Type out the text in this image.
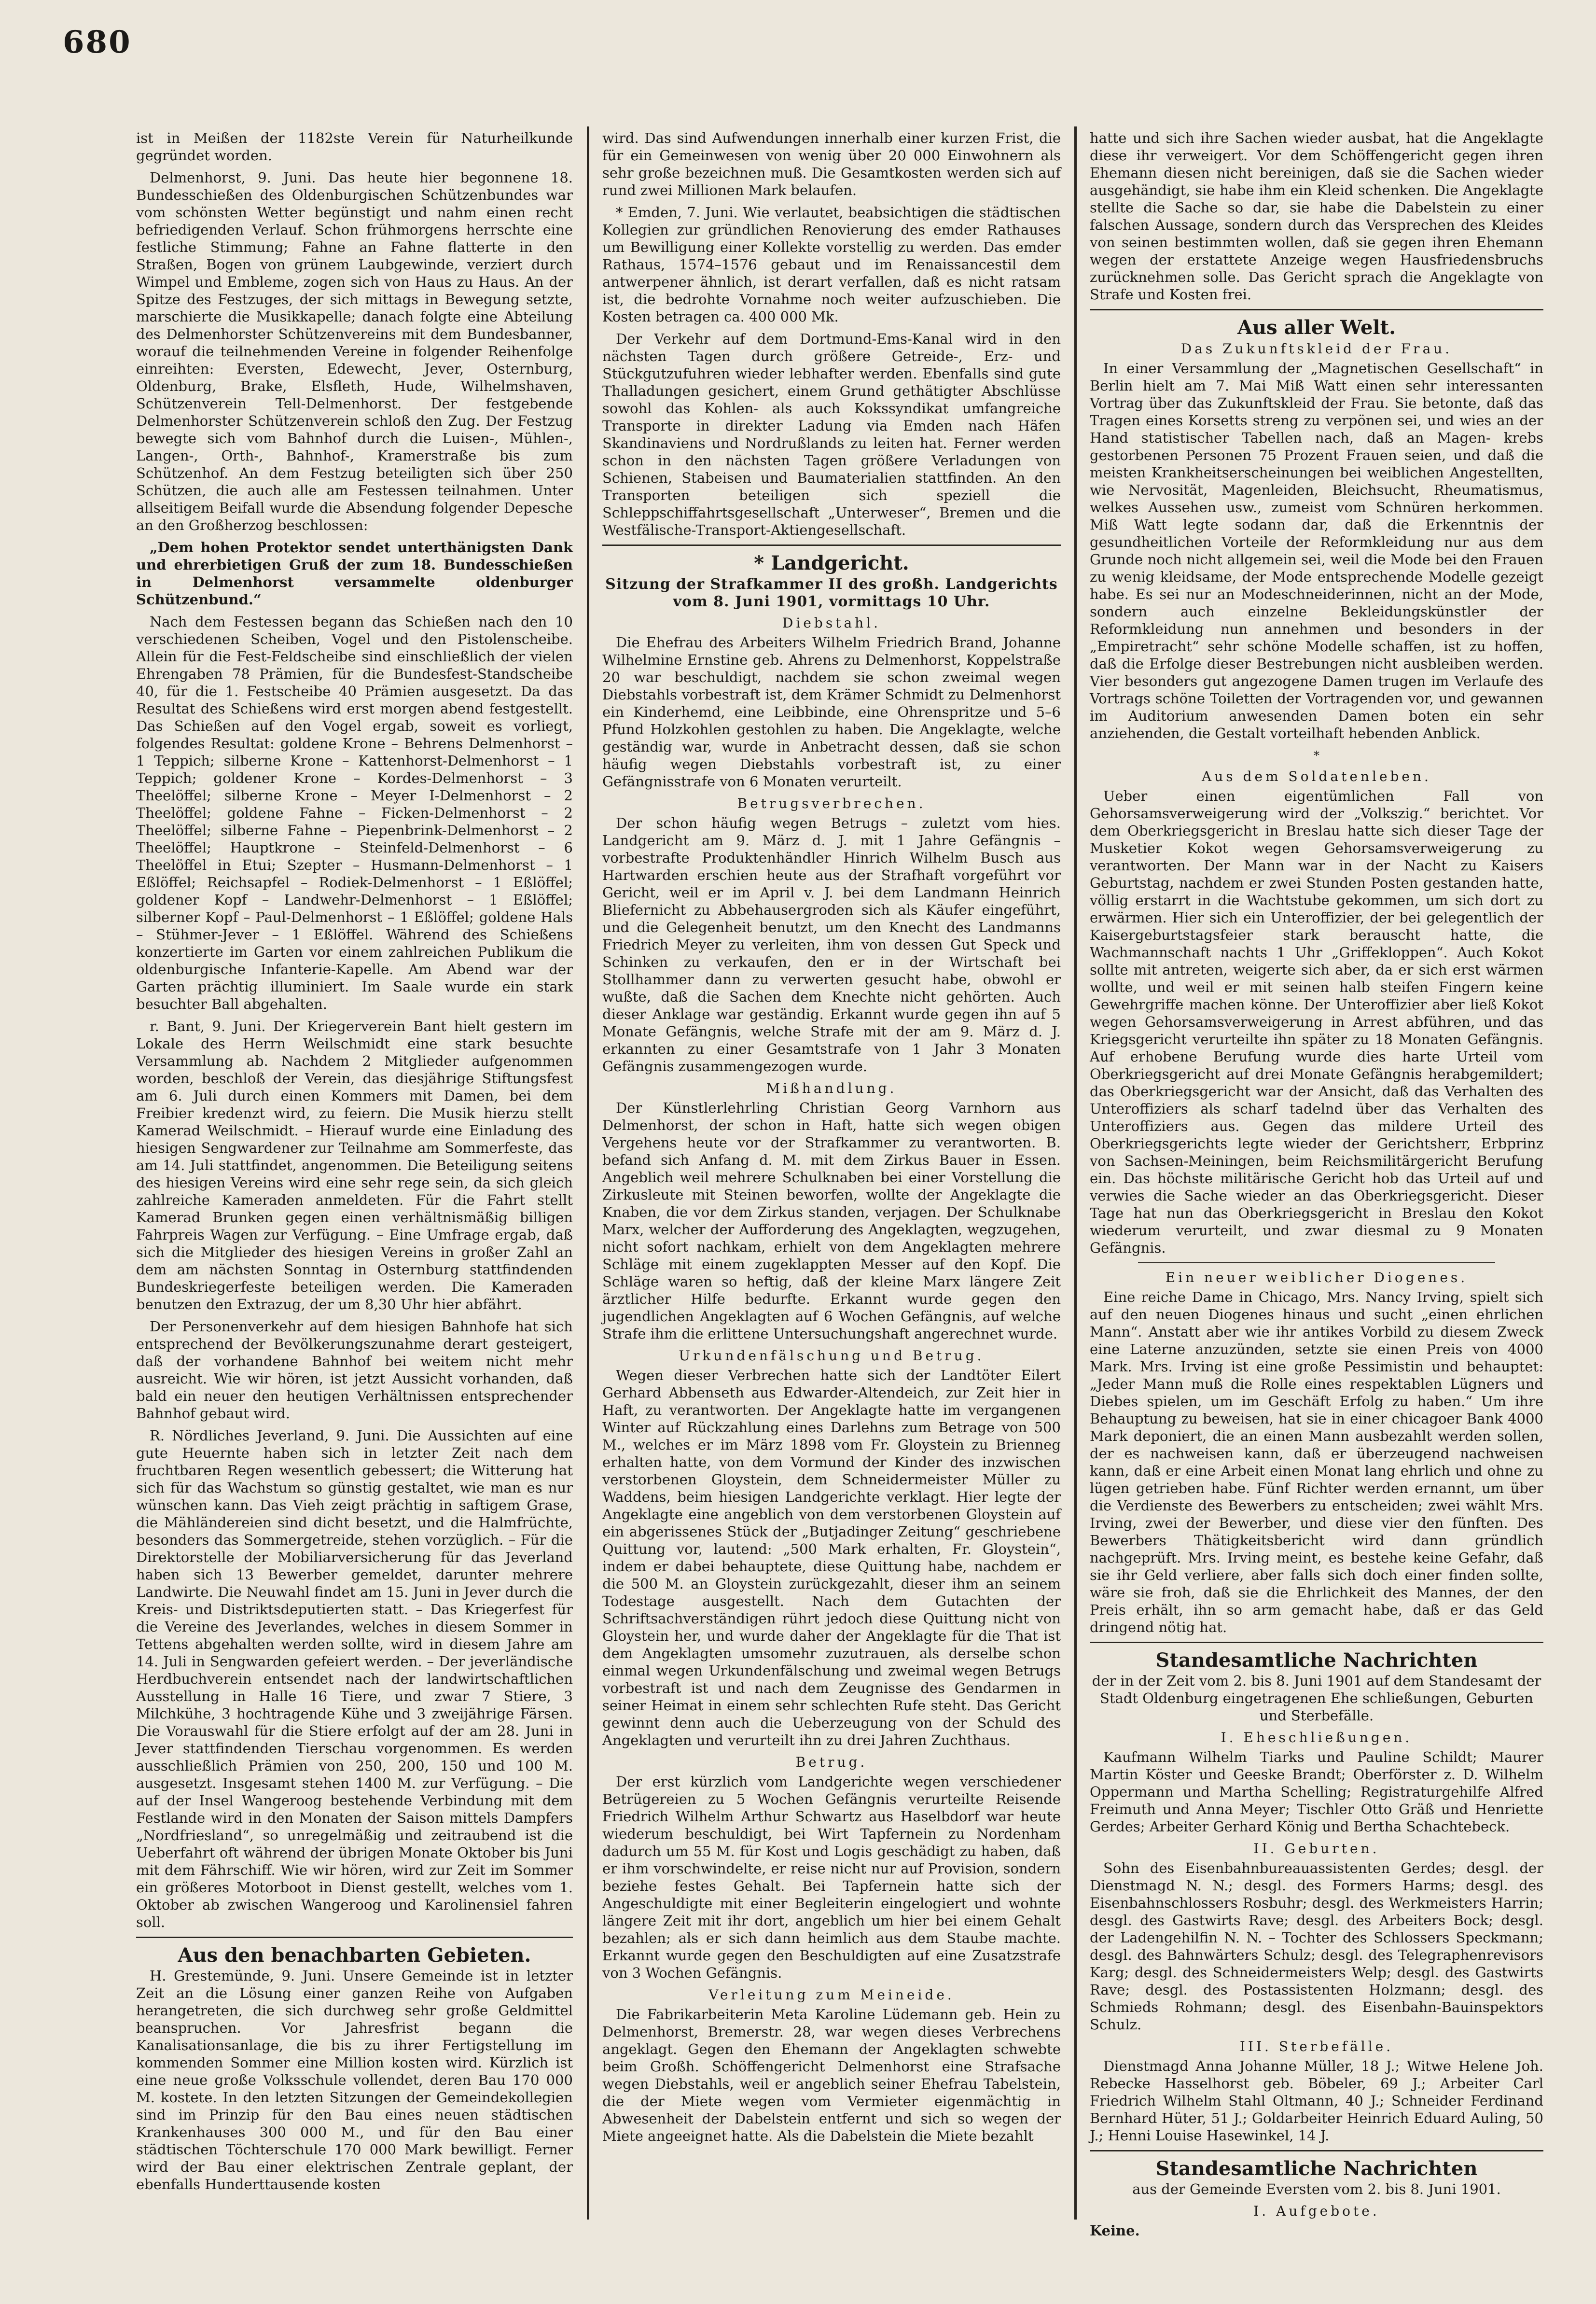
680

ist in Meißen der 1182ste Verein für Naturheilkunde gegründet worden.

Delmenhorst, 9. Juni. Das heute hier begonnene 18. Bundesschießen des Oldenburgischen Schützenbundes war vom schönsten Wetter begünstigt und nahm einen recht befriedigenden Verlauf. Schon frühmorgens herrschte eine festliche Stimmung; Fahne an Fahne flatterte in den Straßen, Bogen von grünem Laubgewinde, verziert durch Wimpel und Embleme, zogen sich von Haus zu Haus. An der Spitze des Festzuges, der sich mittags in Bewegung setzte, marschierte die Musikkapelle; danach folgte eine Abteilung des Delmenhorster Schützenvereins mit dem Bundesbanner, worauf die teilnehmenden Vereine in folgender Reihenfolge einreihten: Eversten, Edewecht, Jever, Osternburg, Oldenburg, Brake, Elsfleth, Hude, Wilhelmshaven, Schützenverein Tell-Delmenhorst. Der festgebende Delmenhorster Schützenverein schloß den Zug. Der Festzug bewegte sich vom Bahnhof durch die Luisen-, Mühlen-, Langen-, Orth-, Bahnhof-, Kramerstraße bis zum Schützenhof. An dem Festzug beteiligten sich über 250 Schützen, die auch alle am Festessen teilnahmen. Unter allseitigem Beifall wurde die Absendung folgender Depesche an den Großherzog beschlossen:

„Dem hohen Protektor sendet unterthänigsten Dank und ehrerbietigen Gruß der zum 18. Bundesschießen in Delmenhorst versammelte oldenburger Schützenbund.“

Nach dem Festessen begann das Schießen nach den 10 verschiedenen Scheiben, Vogel und den Pistolenscheibe. Allein für die Fest-Feldscheibe sind einschließlich der vielen Ehrengaben 78 Prämien, für die Bundesfest-Standscheibe 40, für die 1. Festscheibe 40 Prämien ausgesetzt. Da das Resultat des Schießens wird erst morgen abend festgestellt. Das Schießen auf den Vogel ergab, soweit es vorliegt, folgendes Resultat: goldene Krone – Behrens Delmenhorst – 1 Teppich; silberne Krone – Kattenhorst-Delmenhorst – 1 Teppich; goldener Krone – Kordes-Delmenhorst – 3 Theelöffel; silberne Krone – Meyer I-Delmenhorst – 2 Theelöffel; goldene Fahne – Ficken-Delmenhorst – 2 Theelöffel; silberne Fahne – Piepenbrink-Delmenhorst – 2 Theelöffel; Hauptkrone – Steinfeld-Delmenhorst – 6 Theelöffel in Etui; Szepter – Husmann-Delmenhorst – 1 Eßlöffel; Reichsapfel – Rodiek-Delmenhorst – 1 Eßlöffel; goldener Kopf – Landwehr-Delmenhorst – 1 Eßlöffel; silberner Kopf – Paul-Delmenhorst – 1 Eßlöffel; goldene Hals – Stühmer-Jever – 1 Eßlöffel. Während des Schießens konzertierte im Garten vor einem zahlreichen Publikum die oldenburgische Infanterie-Kapelle. Am Abend war der Garten prächtig illuminiert. Im Saale wurde ein stark besuchter Ball abgehalten.

r. Bant, 9. Juni. Der Kriegerverein Bant hielt gestern im Lokale des Herrn Weilschmidt eine stark besuchte Versammlung ab. Nachdem 2 Mitglieder aufgenommen worden, beschloß der Verein, das diesjährige Stiftungsfest am 6. Juli durch einen Kommers mit Damen, bei dem Freibier kredenzt wird, zu feiern. Die Musik hierzu stellt Kamerad Weilschmidt. – Hierauf wurde eine Einladung des hiesigen Sengwardener zur Teilnahme am Sommerfeste, das am 14. Juli stattfindet, angenommen. Die Beteiligung seitens des hiesigen Vereins wird eine sehr rege sein, da sich gleich zahlreiche Kameraden anmeldeten. Für die Fahrt stellt Kamerad Brunken gegen einen verhältnismäßig billigen Fahrpreis Wagen zur Verfügung. – Eine Umfrage ergab, daß sich die Mitglieder des hiesigen Vereins in großer Zahl an dem am nächsten Sonntag in Osternburg stattfindenden Bundeskriegerfeste beteiligen werden. Die Kameraden benutzen den Extrazug, der um 8,30 Uhr hier abfährt.

Der Personenverkehr auf dem hiesigen Bahnhofe hat sich entsprechend der Bevölkerungszunahme derart gesteigert, daß der vorhandene Bahnhof bei weitem nicht mehr ausreicht. Wie wir hören, ist jetzt Aussicht vorhanden, daß bald ein neuer den heutigen Verhältnissen entsprechender Bahnhof gebaut wird.

R. Nördliches Jeverland, 9. Juni. Die Aussichten auf eine gute Heuernte haben sich in letzter Zeit nach dem fruchtbaren Regen wesentlich gebessert; die Witterung hat sich für das Wachstum so günstig gestaltet, wie man es nur wünschen kann. Das Vieh zeigt prächtig in saftigem Grase, die Mähländereien sind dicht besetzt, und die Halmfrüchte, besonders das Sommergetreide, stehen vorzüglich. – Für die Direktorstelle der Mobiliarversicherung für das Jeverland haben sich 13 Bewerber gemeldet, darunter mehrere Landwirte. Die Neuwahl findet am 15. Juni in Jever durch die Kreis- und Distriktsdeputierten statt. – Das Kriegerfest für die Vereine des Jeverlandes, welches in diesem Sommer in Tettens abgehalten werden sollte, wird in diesem Jahre am 14. Juli in Sengwarden gefeiert werden. – Der jeverländische Herdbuchverein entsendet nach der landwirtschaftlichen Ausstellung in Halle 16 Tiere, und zwar 7 Stiere, 3 Milchkühe, 3 hochtragende Kühe und 3 zweijährige Färsen. Die Vorauswahl für die Stiere erfolgt auf der am 28. Juni in Jever stattfindenden Tierschau vorgenommen. Es werden ausschließlich Prämien von 250, 200, 150 und 100 M. ausgesetzt. Insgesamt stehen 1400 M. zur Verfügung. – Die auf der Insel Wangeroog bestehende Verbindung mit dem Festlande wird in den Monaten der Saison mittels Dampfers „Nordfriesland“, so unregelmäßig und zeitraubend ist die Ueberfahrt oft während der übrigen Monate Oktober bis Juni mit dem Fährschiff. Wie wir hören, wird zur Zeit im Sommer ein größeres Motorboot in Dienst gestellt, welches vom 1. Oktober ab zwischen Wangeroog und Karolinensiel fahren soll.

Aus den benachbarten Gebieten.

H. Grestemünde, 9. Juni. Unsere Gemeinde ist in letzter Zeit an die Lösung einer ganzen Reihe von Aufgaben herangetreten, die sich durchweg sehr große Geldmittel beanspruchen. Vor Jahresfrist begann die Kanalisationsanlage, die bis zu ihrer Fertigstellung im kommenden Sommer eine Million kosten wird. Kürzlich ist eine neue große Volksschule vollendet, deren Bau 170 000 M. kostete. In den letzten Sitzungen der Gemeindekollegien sind im Prinzip für den Bau eines neuen städtischen Krankenhauses 300 000 M., und für den Bau einer städtischen Töchterschule 170 000 Mark bewilligt. Ferner wird der Bau einer elektrischen Zentrale geplant, der ebenfalls Hunderttausende kosten

wird. Das sind Aufwendungen innerhalb einer kurzen Frist, die für ein Gemeinwesen von wenig über 20 000 Einwohnern als sehr große bezeichnen muß. Die Gesamtkosten werden sich auf rund zwei Millionen Mark belaufen.

* Emden, 7. Juni. Wie verlautet, beabsichtigen die städtischen Kollegien zur gründlichen Renovierung des emder Rathauses um Bewilligung einer Kollekte vorstellig zu werden. Das emder Rathaus, 1574–1576 gebaut und im Renaissancestil dem antwerpener ähnlich, ist derart verfallen, daß es nicht ratsam ist, die bedrohte Vornahme noch weiter aufzuschieben. Die Kosten betragen ca. 400 000 Mk.

Der Verkehr auf dem Dortmund-Ems-Kanal wird in den nächsten Tagen durch größere Getreide-, Erz- und Stückgutzufuhren wieder lebhafter werden. Ebenfalls sind gute Thalladungen gesichert, einem Grund gethätigter Abschlüsse sowohl das Kohlen- als auch Kokssyndikat umfangreiche Transporte in direkter Ladung via Emden nach Häfen Skandinaviens und Nordrußlands zu leiten hat. Ferner werden schon in den nächsten Tagen größere Verladungen von Schienen, Stabeisen und Baumaterialien stattfinden. An den Transporten beteiligen sich speziell die Schleppschiffahrtsgesellschaft „Unterweser“, Bremen und die Westfälische-Transport-Aktiengesellschaft.

* Landgericht.
Sitzung der Strafkammer II des großh. Landgerichts vom 8. Juni 1901, vormittags 10 Uhr.
Diebstahl.

Die Ehefrau des Arbeiters Wilhelm Friedrich Brand, Johanne Wilhelmine Ernstine geb. Ahrens zu Delmenhorst, Koppelstraße 20 war beschuldigt, nachdem sie schon zweimal wegen Diebstahls vorbestraft ist, dem Krämer Schmidt zu Delmenhorst ein Kinderhemd, eine Leibbinde, eine Ohrenspritze und 5–6 Pfund Holzkohlen gestohlen zu haben. Die Angeklagte, welche geständig war, wurde in Anbetracht dessen, daß sie schon häufig wegen Diebstahls vorbestraft ist, zu einer Gefängnisstrafe von 6 Monaten verurteilt.

Betrugsverbrechen.

Der schon häufig wegen Betrugs – zuletzt vom hies. Landgericht am 9. März d. J. mit 1 Jahre Gefängnis – vorbestrafte Produktenhändler Hinrich Wilhelm Busch aus Hartwarden erschien heute aus der Strafhaft vorgeführt vor Gericht, weil er im April v. J. bei dem Landmann Heinrich Bliefernicht zu Abbehausergroden sich als Käufer eingeführt, und die Gelegenheit benutzt, um den Knecht des Landmanns Friedrich Meyer zu verleiten, ihm von dessen Gut Speck und Schinken zu verkaufen, den er in der Wirtschaft bei Stollhammer dann zu verwerten gesucht habe, obwohl er wußte, daß die Sachen dem Knechte nicht gehörten. Auch dieser Anklage war geständig. Erkannt wurde gegen ihn auf 5 Monate Gefängnis, welche Strafe mit der am 9. März d. J. erkannten zu einer Gesamtstrafe von 1 Jahr 3 Monaten Gefängnis zusammengezogen wurde.

Mißhandlung.

Der Künstlerlehrling Christian Georg Varnhorn aus Delmenhorst, der schon in Haft, hatte sich wegen obigen Vergehens heute vor der Strafkammer zu verantworten. B. befand sich Anfang d. M. mit dem Zirkus Bauer in Essen. Angeblich weil mehrere Schulknaben bei einer Vorstellung die Zirkusleute mit Steinen beworfen, wollte der Angeklagte die Knaben, die vor dem Zirkus standen, verjagen. Der Schulknabe Marx, welcher der Aufforderung des Angeklagten, wegzugehen, nicht sofort nachkam, erhielt von dem Angeklagten mehrere Schläge mit einem zugeklappten Messer auf den Kopf. Die Schläge waren so heftig, daß der kleine Marx längere Zeit ärztlicher Hilfe bedurfte. Erkannt wurde gegen den jugendlichen Angeklagten auf 6 Wochen Gefängnis, auf welche Strafe ihm die erlittene Untersuchungshaft angerechnet wurde.

Urkundenfälschung und Betrug.

Wegen dieser Verbrechen hatte sich der Landtöter Eilert Gerhard Abbenseth aus Edwarder-Altendeich, zur Zeit hier in Haft, zu verantworten. Der Angeklagte hatte im vergangenen Winter auf Rückzahlung eines Darlehns zum Betrage von 500 M., welches er im März 1898 vom Fr. Gloystein zu Brienneg erhalten hatte, von dem Vormund der Kinder des inzwischen verstorbenen Gloystein, dem Schneidermeister Müller zu Waddens, beim hiesigen Landgerichte verklagt. Hier legte der Angeklagte eine angeblich von dem verstorbenen Gloystein auf ein abgerissenes Stück der „Butjadinger Zeitung“ geschriebene Quittung vor, lautend: „500 Mark erhalten, Fr. Gloystein“, indem er dabei behauptete, diese Quittung habe, nachdem er die 500 M. an Gloystein zurückgezahlt, dieser ihm an seinem Todestage ausgestellt. Nach dem Gutachten der Schriftsachverständigen rührt jedoch diese Quittung nicht von Gloystein her, und wurde daher der Angeklagte für die That ist dem Angeklagten umsomehr zuzutrauen, als derselbe schon einmal wegen Urkundenfälschung und zweimal wegen Betrugs vorbestraft ist und nach dem Zeugnisse des Gendarmen in seiner Heimat in einem sehr schlechten Rufe steht. Das Gericht gewinnt denn auch die Ueberzeugung von der Schuld des Angeklagten und verurteilt ihn zu drei Jahren Zuchthaus.

Betrug.

Der erst kürzlich vom Landgerichte wegen verschiedener Betrügereien zu 5 Wochen Gefängnis verurteilte Reisende Friedrich Wilhelm Arthur Schwartz aus Haselbdorf war heute wiederum beschuldigt, bei Wirt Tapfernein zu Nordenham dadurch um 55 M. für Kost und Logis geschädigt zu haben, daß er ihm vorschwindelte, er reise nicht nur auf Provision, sondern beziehe festes Gehalt. Bei Tapfernein hatte sich der Angeschuldigte mit einer Begleiterin eingelogiert und wohnte längere Zeit mit ihr dort, angeblich um hier bei einem Gehalt bezahlen; als er sich dann heimlich aus dem Staube machte. Erkannt wurde gegen den Beschuldigten auf eine Zusatzstrafe von 3 Wochen Gefängnis.

Verleitung zum Meineide.

Die Fabrikarbeiterin Meta Karoline Lüdemann geb. Hein zu Delmenhorst, Bremerstr. 28, war wegen dieses Verbrechens angeklagt. Gegen den Ehemann der Angeklagten schwebte beim Großh. Schöffengericht Delmenhorst eine Strafsache wegen Diebstahls, weil er angeblich seiner Ehefrau Tabelstein, die der Miete wegen vom Vermieter eigenmächtig in Abwesenheit der Dabelstein entfernt und sich so wegen der Miete angeeignet hatte. Als die Dabelstein die Miete bezahlt

hatte und sich ihre Sachen wieder ausbat, hat die Angeklagte diese ihr verweigert. Vor dem Schöffengericht gegen ihren Ehemann diesen nicht bereinigen, daß sie die Sachen wieder ausgehändigt, sie habe ihm ein Kleid schenken. Die Angeklagte stellte die Sache so dar, sie habe die Dabelstein zu einer falschen Aussage, sondern durch das Versprechen des Kleides von seinen bestimmten wollen, daß sie gegen ihren Ehemann wegen der erstattete Anzeige wegen Hausfriedensbruchs zurücknehmen solle. Das Gericht sprach die Angeklagte von Strafe und Kosten frei.

Aus aller Welt.
Das Zukunftskleid der Frau.

In einer Versammlung der „Magnetischen Gesellschaft“ in Berlin hielt am 7. Mai Miß Watt einen sehr interessanten Vortrag über das Zukunftskleid der Frau. Sie betonte, daß das Tragen eines Korsetts streng zu verpönen sei, und wies an der Hand statistischer Tabellen nach, daß an Magen- krebs gestorbenen Personen 75 Prozent Frauen seien, und daß die meisten Krankheitserscheinungen bei weiblichen Angestellten, wie Nervosität, Magenleiden, Bleichsucht, Rheumatismus, welkes Aussehen usw., zumeist vom Schnüren herkommen. Miß Watt legte sodann dar, daß die Erkenntnis der gesundheitlichen Vorteile der Reformkleidung nur aus dem Grunde noch nicht allgemein sei, weil die Mode bei den Frauen zu wenig kleidsame, der Mode entsprechende Modelle gezeigt habe. Es sei nur an Modeschneiderinnen, nicht an der Mode, sondern auch einzelne Bekleidungskünstler der Reformkleidung nun annehmen und besonders in der „Empiretracht“ sehr schöne Modelle schaffen, ist zu hoffen, daß die Erfolge dieser Bestrebungen nicht ausbleiben werden. Vier besonders gut angezogene Damen trugen im Verlaufe des Vortrags schöne Toiletten der Vortragenden vor, und gewannen im Auditorium anwesenden Damen boten ein sehr anziehenden, die Gestalt vorteilhaft hebenden Anblick.

*
Aus dem Soldatenleben.

Ueber einen eigentümlichen Fall von Gehorsamsverweigerung wird der „Volkszig.“ berichtet. Vor dem Oberkriegsgericht in Breslau hatte sich dieser Tage der Musketier Kokot wegen Gehorsamsverweigerung zu verantworten. Der Mann war in der Nacht zu Kaisers Geburtstag, nachdem er zwei Stunden Posten gestanden hatte, völlig erstarrt in die Wachtstube gekommen, um sich dort zu erwärmen. Hier sich ein Unteroffizier, der bei gelegentlich der Kaisergeburtstagsfeier stark berauscht hatte, die Wachmannschaft nachts 1 Uhr „Griffekloppen“. Auch Kokot sollte mit antreten, weigerte sich aber, da er sich erst wärmen wollte, und weil er mit seinen halb steifen Fingern keine Gewehrgriffe machen könne. Der Unteroffizier aber ließ Kokot wegen Gehorsamsverweigerung in Arrest abführen, und das Kriegsgericht verurteilte ihn später zu 18 Monaten Gefängnis. Auf erhobene Berufung wurde dies harte Urteil vom Oberkriegsgericht auf drei Monate Gefängnis herabgemildert; das Oberkriegsgericht war der Ansicht, daß das Verhalten des Unteroffiziers als scharf tadelnd über das Verhalten des Unteroffiziers aus. Gegen das mildere Urteil des Oberkriegsgerichts legte wieder der Gerichtsherr, Erbprinz von Sachsen-Meiningen, beim Reichsmilitärgericht Berufung ein. Das höchste militärische Gericht hob das Urteil auf und verwies die Sache wieder an das Oberkriegsgericht. Dieser Tage hat nun das Oberkriegsgericht in Breslau den Kokot wiederum verurteilt, und zwar diesmal zu 9 Monaten Gefängnis.

Ein neuer weiblicher Diogenes.

Eine reiche Dame in Chicago, Mrs. Nancy Irving, spielt sich auf den neuen Diogenes hinaus und sucht „einen ehrlichen Mann“. Anstatt aber wie ihr antikes Vorbild zu diesem Zweck eine Laterne anzuzünden, setzte sie einen Preis von 4000 Mark. Mrs. Irving ist eine große Pessimistin und behauptet: „Jeder Mann muß die Rolle eines respektablen Lügners und Diebes spielen, um im Geschäft Erfolg zu haben.“ Um ihre Behauptung zu beweisen, hat sie in einer chicagoer Bank 4000 Mark deponiert, die an einen Mann ausbezahlt werden sollen, der es nachweisen kann, daß er überzeugend nachweisen kann, daß er eine Arbeit einen Monat lang ehrlich und ohne zu lügen getrieben habe. Fünf Richter werden ernannt, um über die Verdienste des Bewerbers zu entscheiden; zwei wählt Mrs. Irving, zwei der Bewerber, und diese vier den fünften. Des Bewerbers Thätigkeitsbericht wird dann gründlich nachgeprüft. Mrs. Irving meint, es bestehe keine Gefahr, daß sie ihr Geld verliere, aber falls sich doch einer finden sollte, wäre sie froh, daß sie die Ehrlichkeit des Mannes, der den Preis erhält, ihn so arm gemacht habe, daß er das Geld dringend nötig hat.

Standesamtliche Nachrichten

der in der Zeit vom 2. bis 8. Juni 1901 auf dem Standesamt der Stadt Oldenburg eingetragenen Ehe schließungen, Geburten und Sterbefälle.

I. Eheschließungen.

Kaufmann Wilhelm Tiarks und Pauline Schildt; Maurer Martin Köster und Geeske Brandt; Oberförster z. D. Wilhelm Oppermann und Martha Schelling; Registraturgehilfe Alfred Freimuth und Anna Meyer; Tischler Otto Gräß und Henriette Gerdes; Arbeiter Gerhard König und Bertha Schachtebeck.

II. Geburten.

Sohn des Eisenbahnbureauassistenten Gerdes; desgl. der Dienstmagd N. N.; desgl. des Formers Harms; desgl. des Eisenbahnschlossers Rosbuhr; desgl. des Werkmeisters Harrin; desgl. des Gastwirts Rave; desgl. des Arbeiters Bock; desgl. der Ladengehilfin N. N. – Tochter des Schlossers Speckmann; desgl. des Bahnwärters Schulz; desgl. des Telegraphenrevisors Karg; desgl. des Schneidermeisters Welp; desgl. des Gastwirts Rave; desgl. des Postassistenten Holzmann; desgl. des Schmieds Rohmann; desgl. des Eisenbahn-Bauinspektors Schulz.

III. Sterbefälle.

Dienstmagd Anna Johanne Müller, 18 J.; Witwe Helene Joh. Rebecke Hasselhorst geb. Böbeler, 69 J.; Arbeiter Carl Friedrich Wilhelm Stahl Oltmann, 40 J.; Schneider Ferdinand Bernhard Hüter, 51 J.; Goldarbeiter Heinrich Eduard Auling, 50 J.; Henni Louise Hasewinkel, 14 J.

Standesamtliche Nachrichten

aus der Gemeinde Eversten vom 2. bis 8. Juni 1901.

I. Aufgebote.

Keine.
